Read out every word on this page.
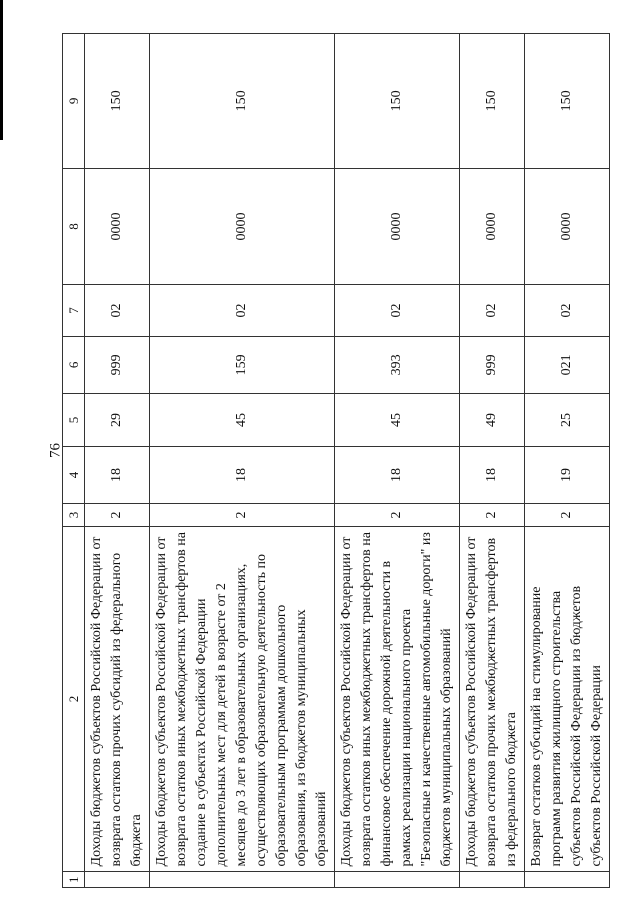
76
1	2	3	4	5	6	7	8	9
	Доходы бюджетов субъектов Российской Федерации от возврата остатков прочих субсидий из федерального бюджета	2	18	29	999	02	0000	150
	Доходы бюджетов субъектов Российской Федерации от возврата остатков иных межбюджетных трансфертов на создание в субъектах Российской Федерации дополнительных мест для детей в возрасте от 2 месяцев до 3 лет в образовательных организациях, осуществляющих образовательную деятельность по образовательным программам дошкольного образования, из бюджетов муниципальных образований	2	18	45	159	02	0000	150
	Доходы бюджетов субъектов Российской Федерации от возврата остатков иных межбюджетных трансфертов на финансовое обеспечение дорожной деятельности в рамках реализации национального проекта "Безопасные и качественные автомобильные дороги" из бюджетов муниципальных образований	2	18	45	393	02	0000	150
	Доходы бюджетов субъектов Российской Федерации от возврата остатков прочих межбюджетных трансфертов из федерального бюджета	2	18	49	999	02	0000	150
	Возврат остатков субсидий на стимулирование программ развития жилищного строительства субъектов Российской Федерации из бюджетов субъектов Российской Федерации	2	19	25	021	02	0000	150
